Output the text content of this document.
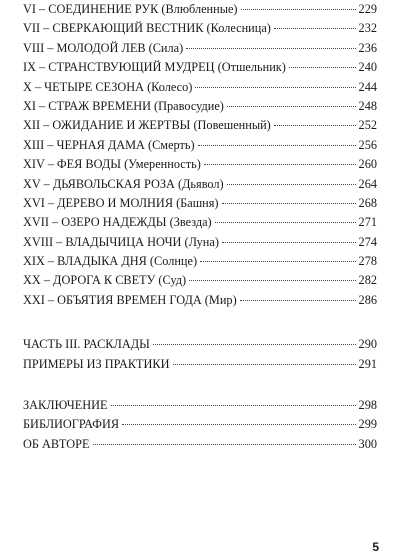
VI – СОЕДИНЕНИЕ РУК (Влюбленные)	229
VII – СВЕРКАЮЩИЙ ВЕСТНИК (Колесница)	232
VIII – МОЛОДОЙ ЛЕВ (Сила)	236
IX – СТРАНСТВУЮЩИЙ МУДРЕЦ (Отшельник)	240
X – ЧЕТЫРЕ СЕЗОНА (Колесо)	244
XI – СТРАЖ ВРЕМЕНИ (Правосудие)	248
XII – ОЖИДАНИЕ И ЖЕРТВЫ (Повешенный)	252
XIII – ЧЕРНАЯ ДАМА (Смерть)	256
XIV – ФЕЯ ВОДЫ (Умеренность)	260
XV – ДЬЯВОЛЬСКАЯ РОЗА (Дьявол)	264
XVI – ДЕРЕВО И МОЛНИЯ (Башня)	268
XVII – ОЗЕРО НАДЕЖДЫ (Звезда)	271
XVIII – ВЛАДЫЧИЦА НОЧИ (Луна)	274
XIX – ВЛАДЫКА ДНЯ (Солнце)	278
XX – ДОРОГА К СВЕТУ (Суд)	282
XXI – ОБЪЯТИЯ ВРЕМЕН ГОДА (Мир)	286
ЧАСТЬ III. РАСКЛАДЫ	290
ПРИМЕРЫ ИЗ ПРАКТИКИ	291
ЗАКЛЮЧЕНИЕ	298
БИБЛИОГРАФИЯ	299
ОБ АВТОРЕ	300
5
